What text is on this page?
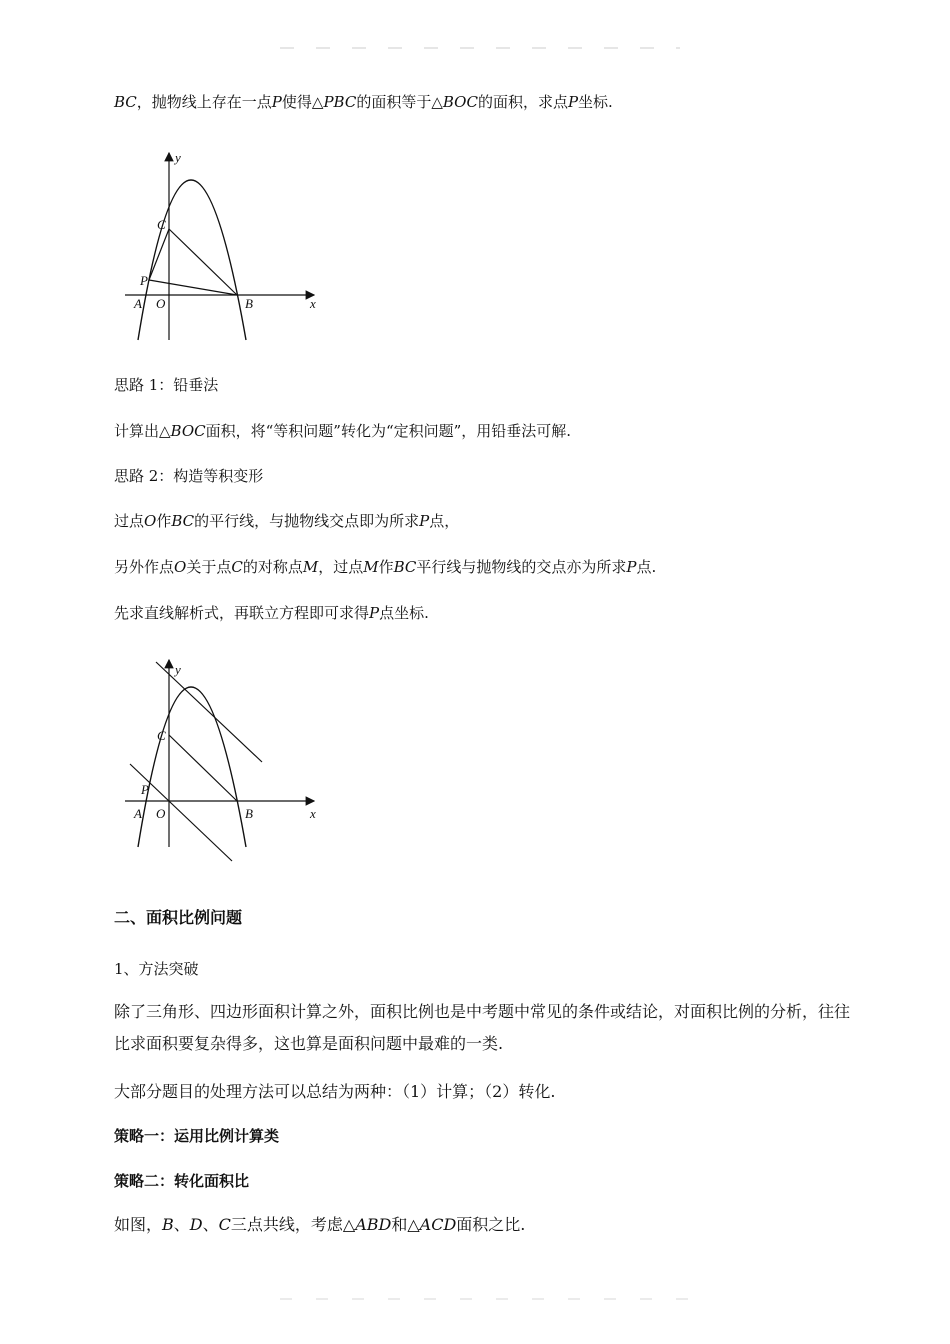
BC，抛物线上存在一点P使得△PBC的面积等于△BOC的面积，求点P坐标.
y
x
C
P
A O	B
思路 1：铅垂法
计算出△BOC面积，将“等积问题”转化为“定积问题”，用铅垂法可解.
思路 2：构造等积变形
过点O作BC的平行线，与抛物线交点即为所求P点，
另外作点O关于点C的对称点M，过点M作BC平行线与抛物线的交点亦为所求P点.
先求直线解析式，再联立方程即可求得P点坐标.
y
x
C
P
A O	B
二、面积比例问题
1、方法突破
除了三角形、四边形面积计算之外，面积比例也是中考题中常见的条件或结论，对面积比例的分析，往往比求面积要复杂得多，这也算是面积问题中最难的一类.
大部分题目的处理方法可以总结为两种：（1）计算；（2）转化.
策略一：运用比例计算类
策略二：转化面积比
如图，B、D、C三点共线，考虑△ABD和△ACD面积之比.
